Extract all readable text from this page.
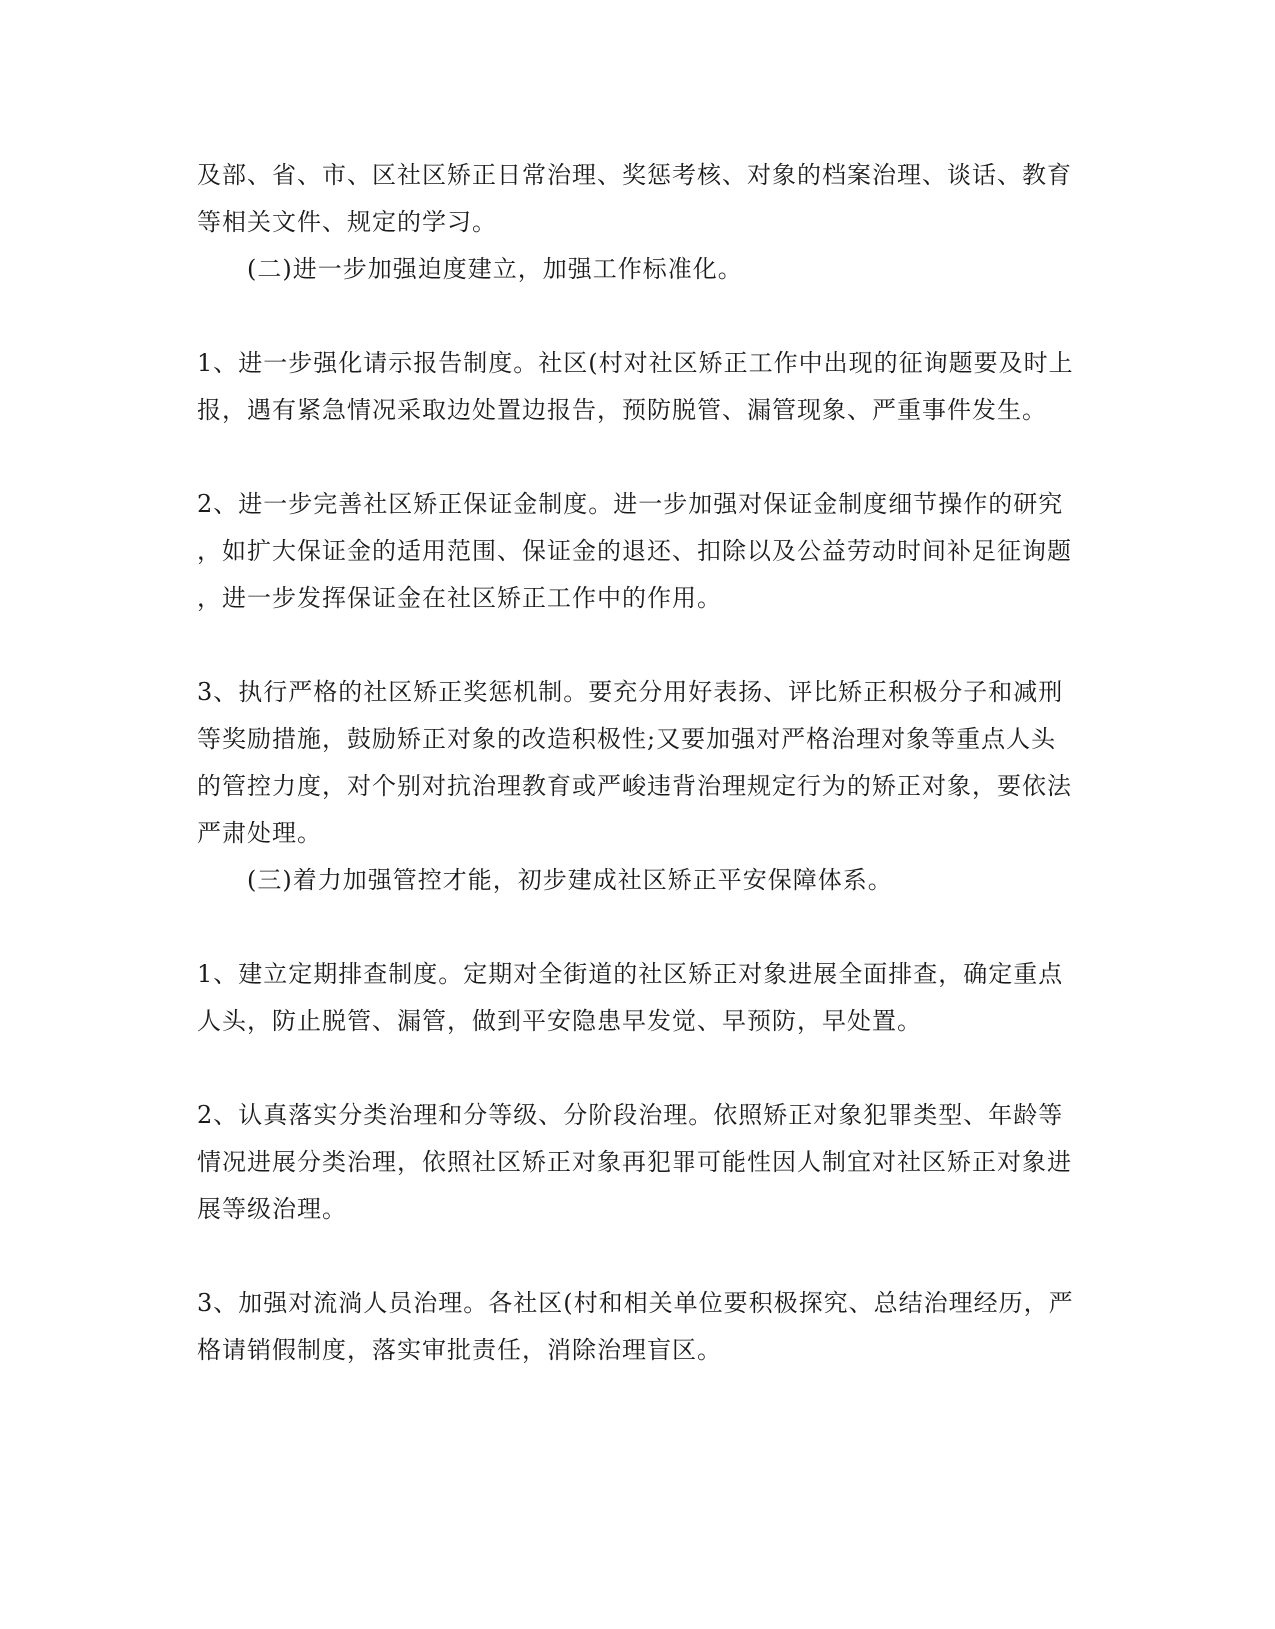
及部、省、市、区社区矫正日常治理、奖惩考核、对象的档案治理、谈话、教育
等相关文件、规定的学习。
(二)进一步加强迫度建立，加强工作标准化。
1、进一步强化请示报告制度。社区(村对社区矫正工作中出现的征询题要及时上
报，遇有紧急情况采取边处置边报告，预防脱管、漏管现象、严重事件发生。
2、进一步完善社区矫正保证金制度。进一步加强对保证金制度细节操作的研究
，如扩大保证金的适用范围、保证金的退还、扣除以及公益劳动时间补足征询题
，进一步发挥保证金在社区矫正工作中的作用。
3、执行严格的社区矫正奖惩机制。要充分用好表扬、评比矫正积极分子和减刑
等奖励措施，鼓励矫正对象的改造积极性;又要加强对严格治理对象等重点人头
的管控力度，对个别对抗治理教育或严峻违背治理规定行为的矫正对象，要依法
严肃处理。
(三)着力加强管控才能，初步建成社区矫正平安保障体系。
1、建立定期排查制度。定期对全街道的社区矫正对象进展全面排查，确定重点
人头，防止脱管、漏管，做到平安隐患早发觉、早预防，早处置。
2、认真落实分类治理和分等级、分阶段治理。依照矫正对象犯罪类型、年龄等
情况进展分类治理，依照社区矫正对象再犯罪可能性因人制宜对社区矫正对象进
展等级治理。
3、加强对流淌人员治理。各社区(村和相关单位要积极探究、总结治理经历，严
格请销假制度，落实审批责任，消除治理盲区。
